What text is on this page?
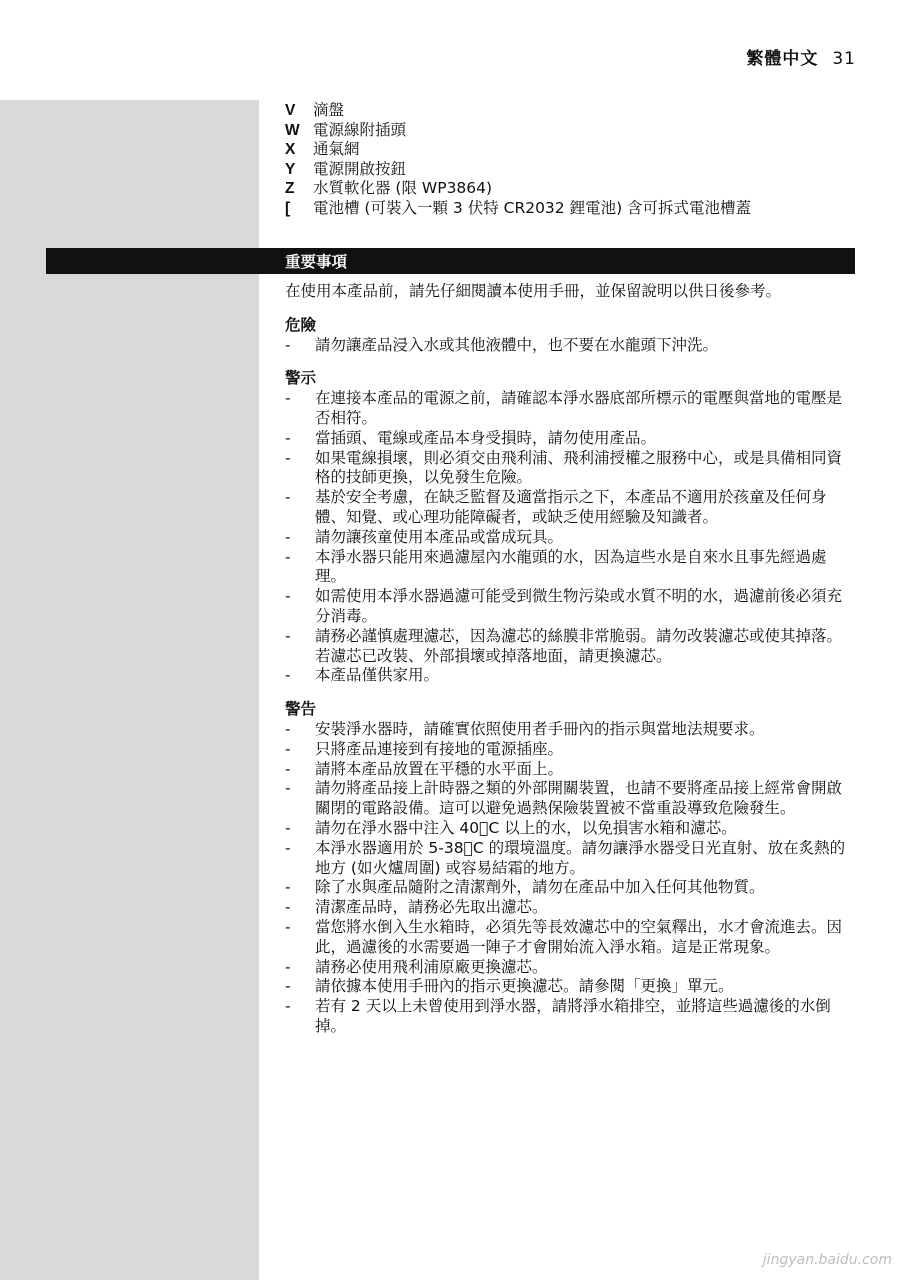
繁體中文 31
V	滴盤
W 電源線附插頭
X	通氣網
Y	電源開啟按鈕
Z	水質軟化器 (限 WP3864)
[	電池槽 (可裝入一顆 3 伏特 CR2032 鋰電池) 含可拆式電池槽蓋
重要事項

在使用本產品前，請先仔細閱讀本使用手冊，並保留說明以供日後參考。

危險

-	請勿讓產品浸入水或其他液體中，也不要在水龍頭下沖洗。

警示

-	在連接本產品的電源之前，請確認本淨水器底部所標示的電壓與當地的電壓是否相符。
-	當插頭、電線或產品本身受損時，請勿使用產品。
-	如果電線損壞，則必須交由飛利浦、飛利浦授權之服務中心，或是具備相同資格的技師更換，以免發生危險。
-	基於安全考慮，在缺乏監督及適當指示之下，本產品不適用於孩童及任何身體、知覺、或心理功能障礙者，或缺乏使用經驗及知識者。
-	請勿讓孩童使用本產品或當成玩具。
-	本淨水器只能用來過濾屋內水龍頭的水，因為這些水是自來水且事先經過處理。
-	如需使用本淨水器過濾可能受到微生物污染或水質不明的水，過濾前後必須充分消毒。
-	請務必謹慎處理濾芯，因為濾芯的絲膜非常脆弱。請勿改裝濾芯或使其掉落。若濾芯已改裝、外部損壞或掉落地面，請更換濾芯。
-	本產品僅供家用。

警告

-	安裝淨水器時，請確實依照使用者手冊內的指示與當地法規要求。
-	只將產品連接到有接地的電源插座。
-	請將本產品放置在平穩的水平面上。
-	請勿將產品接上計時器之類的外部開關裝置，也請不要將產品接上經常會開啟關閉的電路設備。這可以避免過熱保險裝置被不當重設導致危險發生。
-	請勿在淨水器中注入 40゚C 以上的水，以免損害水箱和濾芯。
-	本淨水器適用於 5-38゚C 的環境溫度。請勿讓淨水器受日光直射、放在炙熱的地方 (如火爐周圍) 或容易結霜的地方。
-	除了水與產品隨附之清潔劑外，請勿在產品中加入任何其他物質。
-	清潔產品時，請務必先取出濾芯。
-	當您將水倒入生水箱時，必須先等長效濾芯中的空氣釋出，水才會流進去。因此，過濾後的水需要過一陣子才會開始流入淨水箱。這是正常現象。
-	請務必使用飛利浦原廠更換濾芯。
-	請依據本使用手冊內的指示更換濾芯。請參閱「更換」單元。
-	若有 2 天以上未曾使用到淨水器，請將淨水箱排空，並將這些過濾後的水倒掉。
jingyan.baidu.com
